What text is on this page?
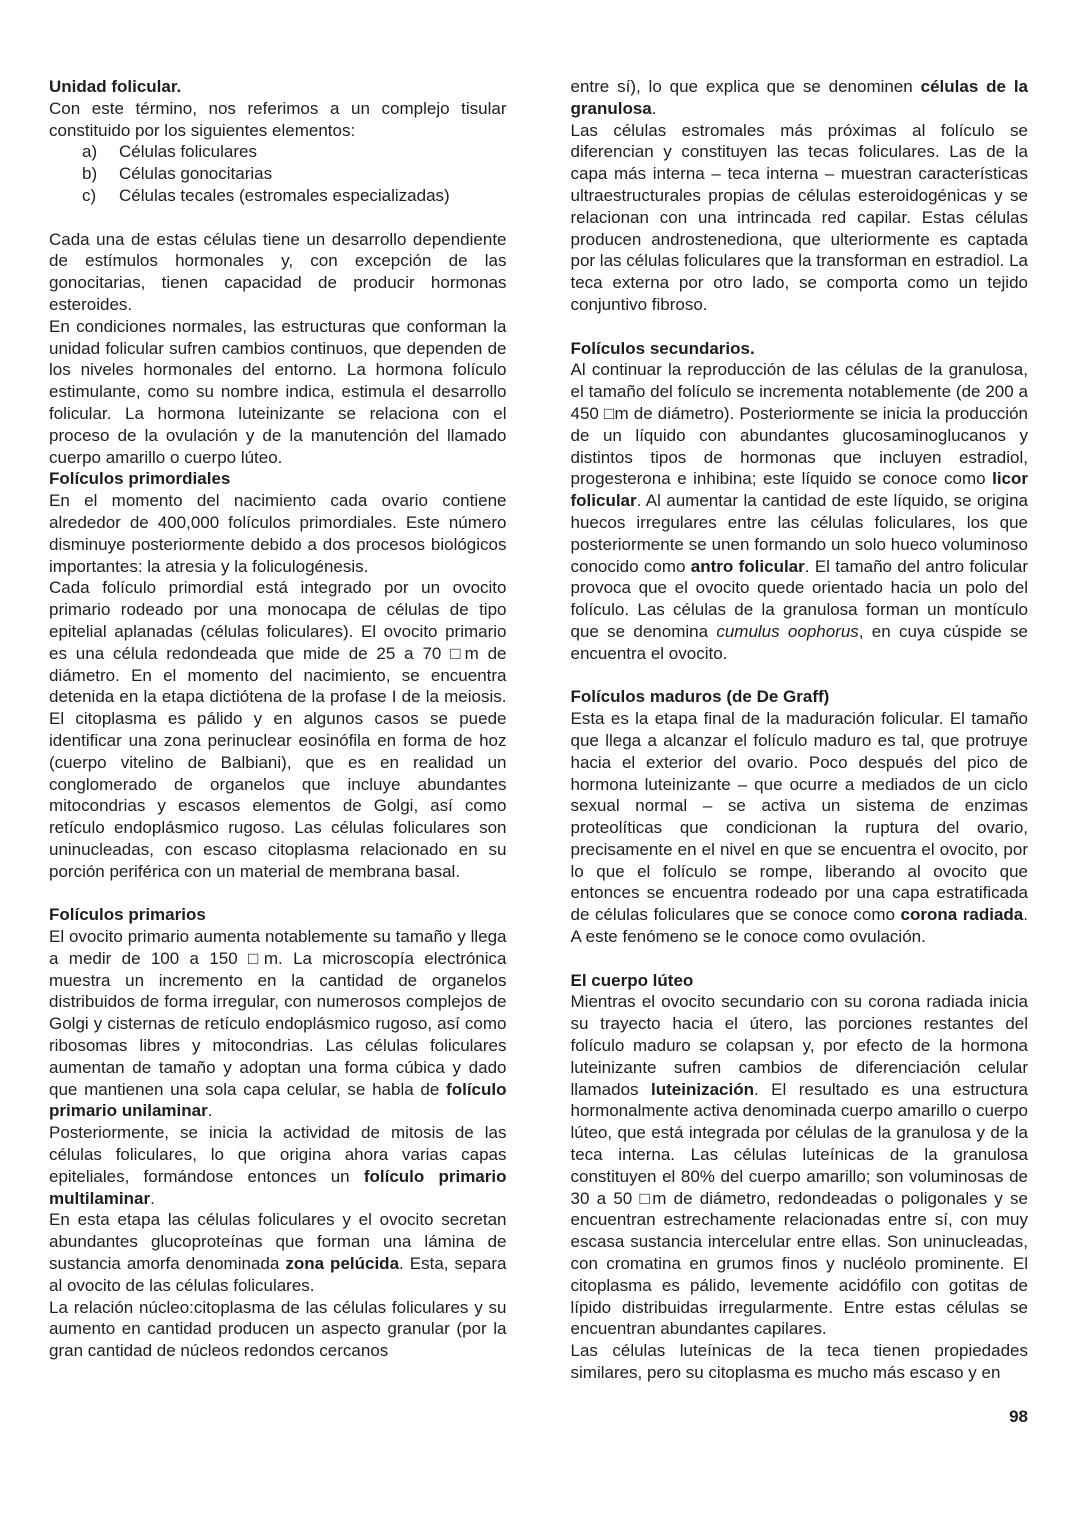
Unidad folicular.

Con este término, nos referimos a un complejo tisular constituido por los siguientes elementos:

a)	Células foliculares
b)	Células gonocitarias
c)	Células tecales (estromales especializadas)

Cada una de estas células tiene un desarrollo dependiente de estímulos hormonales y, con excepción de las gonocitarias, tienen capacidad de producir hormonas esteroides.

En condiciones normales, las estructuras que conforman la unidad folicular sufren cambios continuos, que dependen de los niveles hormonales del entorno. La hormona folículo estimulante, como su nombre indica, estimula el desarrollo folicular. La hormona luteinizante se relaciona con el proceso de la ovulación y de la manutención del llamado cuerpo amarillo o cuerpo lúteo.

Folículos primordiales

En el momento del nacimiento cada ovario contiene alrededor de 400,000 folículos primordiales. Este número disminuye posteriormente debido a dos procesos biológicos importantes: la atresia y la foliculogénesis.

Cada folículo primordial está integrado por un ovocito primario rodeado por una monocapa de células de tipo epitelial aplanadas (células foliculares). El ovocito primario es una célula redondeada que mide de 25 a 70 □m de diámetro. En el momento del nacimiento, se encuentra detenida en la etapa dictiótena de la profase I de la meiosis. El citoplasma es pálido y en algunos casos se puede identificar una zona perinuclear eosinófila en forma de hoz (cuerpo vitelino de Balbiani), que es en realidad un conglomerado de organelos que incluye abundantes mitocondrias y escasos elementos de Golgi, así como retículo endoplásmico rugoso. Las células foliculares son uninucleadas, con escaso citoplasma relacionado en su porción periférica con un material de membrana basal.

Folículos primarios

El ovocito primario aumenta notablemente su tamaño y llega a medir de 100 a 150 □m. La microscopía electrónica muestra un incremento en la cantidad de organelos distribuidos de forma irregular, con numerosos complejos de Golgi y cisternas de retículo endoplásmico rugoso, así como ribosomas libres y mitocondrias. Las células foliculares aumentan de tamaño y adoptan una forma cúbica y dado que mantienen una sola capa celular, se habla de folículo primario unilaminar.

Posteriormente, se inicia la actividad de mitosis de las células foliculares, lo que origina ahora varias capas epiteliales, formándose entonces un folículo primario multilaminar.

En esta etapa las células foliculares y el ovocito secretan abundantes glucoproteínas que forman una lámina de sustancia amorfa denominada zona pelúcida. Esta, separa al ovocito de las células foliculares.

La relación núcleo:citoplasma de las células foliculares y su aumento en cantidad producen un aspecto granular (por la gran cantidad de núcleos redondos cercanos

entre sí), lo que explica que se denominen células de la granulosa.

Las células estromales más próximas al folículo se diferencian y constituyen las tecas foliculares. Las de la capa más interna – teca interna – muestran características ultraestructurales propias de células esteroidogénicas y se relacionan con una intrincada red capilar. Estas células producen androstenediona, que ulteriormente es captada por las células foliculares que la transforman en estradiol. La teca externa por otro lado, se comporta como un tejido conjuntivo fibroso.

Folículos secundarios.

Al continuar la reproducción de las células de la granulosa, el tamaño del folículo se incrementa notablemente (de 200 a 450 □m de diámetro). Posteriormente se inicia la producción de un líquido con abundantes glucosaminoglucanos y distintos tipos de hormonas que incluyen estradiol, progesterona e inhibina; este líquido se conoce como licor folicular. Al aumentar la cantidad de este líquido, se origina huecos irregulares entre las células foliculares, los que posteriormente se unen formando un solo hueco voluminoso conocido como antro folicular. El tamaño del antro folicular provoca que el ovocito quede orientado hacia un polo del folículo. Las células de la granulosa forman un montículo que se denomina cumulus oophorus, en cuya cúspide se encuentra el ovocito.

Folículos maduros (de De Graff)

Esta es la etapa final de la maduración folicular. El tamaño que llega a alcanzar el folículo maduro es tal, que protruye hacia el exterior del ovario. Poco después del pico de hormona luteinizante – que ocurre a mediados de un ciclo sexual normal – se activa un sistema de enzimas proteolíticas que condicionan la ruptura del ovario, precisamente en el nivel en que se encuentra el ovocito, por lo que el folículo se rompe, liberando al ovocito que entonces se encuentra rodeado por una capa estratificada de células foliculares que se conoce como corona radiada. A este fenómeno se le conoce como ovulación.

El cuerpo lúteo

Mientras el ovocito secundario con su corona radiada inicia su trayecto hacia el útero, las porciones restantes del folículo maduro se colapsan y, por efecto de la hormona luteinizante sufren cambios de diferenciación celular llamados luteinización. El resultado es una estructura hormonalmente activa denominada cuerpo amarillo o cuerpo lúteo, que está integrada por células de la granulosa y de la teca interna. Las células luteínicas de la granulosa constituyen el 80% del cuerpo amarillo; son voluminosas de 30 a 50 □m de diámetro, redondeadas o poligonales y se encuentran estrechamente relacionadas entre sí, con muy escasa sustancia intercelular entre ellas. Son uninucleadas, con cromatina en grumos finos y nucléolo prominente. El citoplasma es pálido, levemente acidófilo con gotitas de lípido distribuidas irregularmente. Entre estas células se encuentran abundantes capilares.

Las células luteínicas de la teca tienen propiedades similares, pero su citoplasma es mucho más escaso y en

98
